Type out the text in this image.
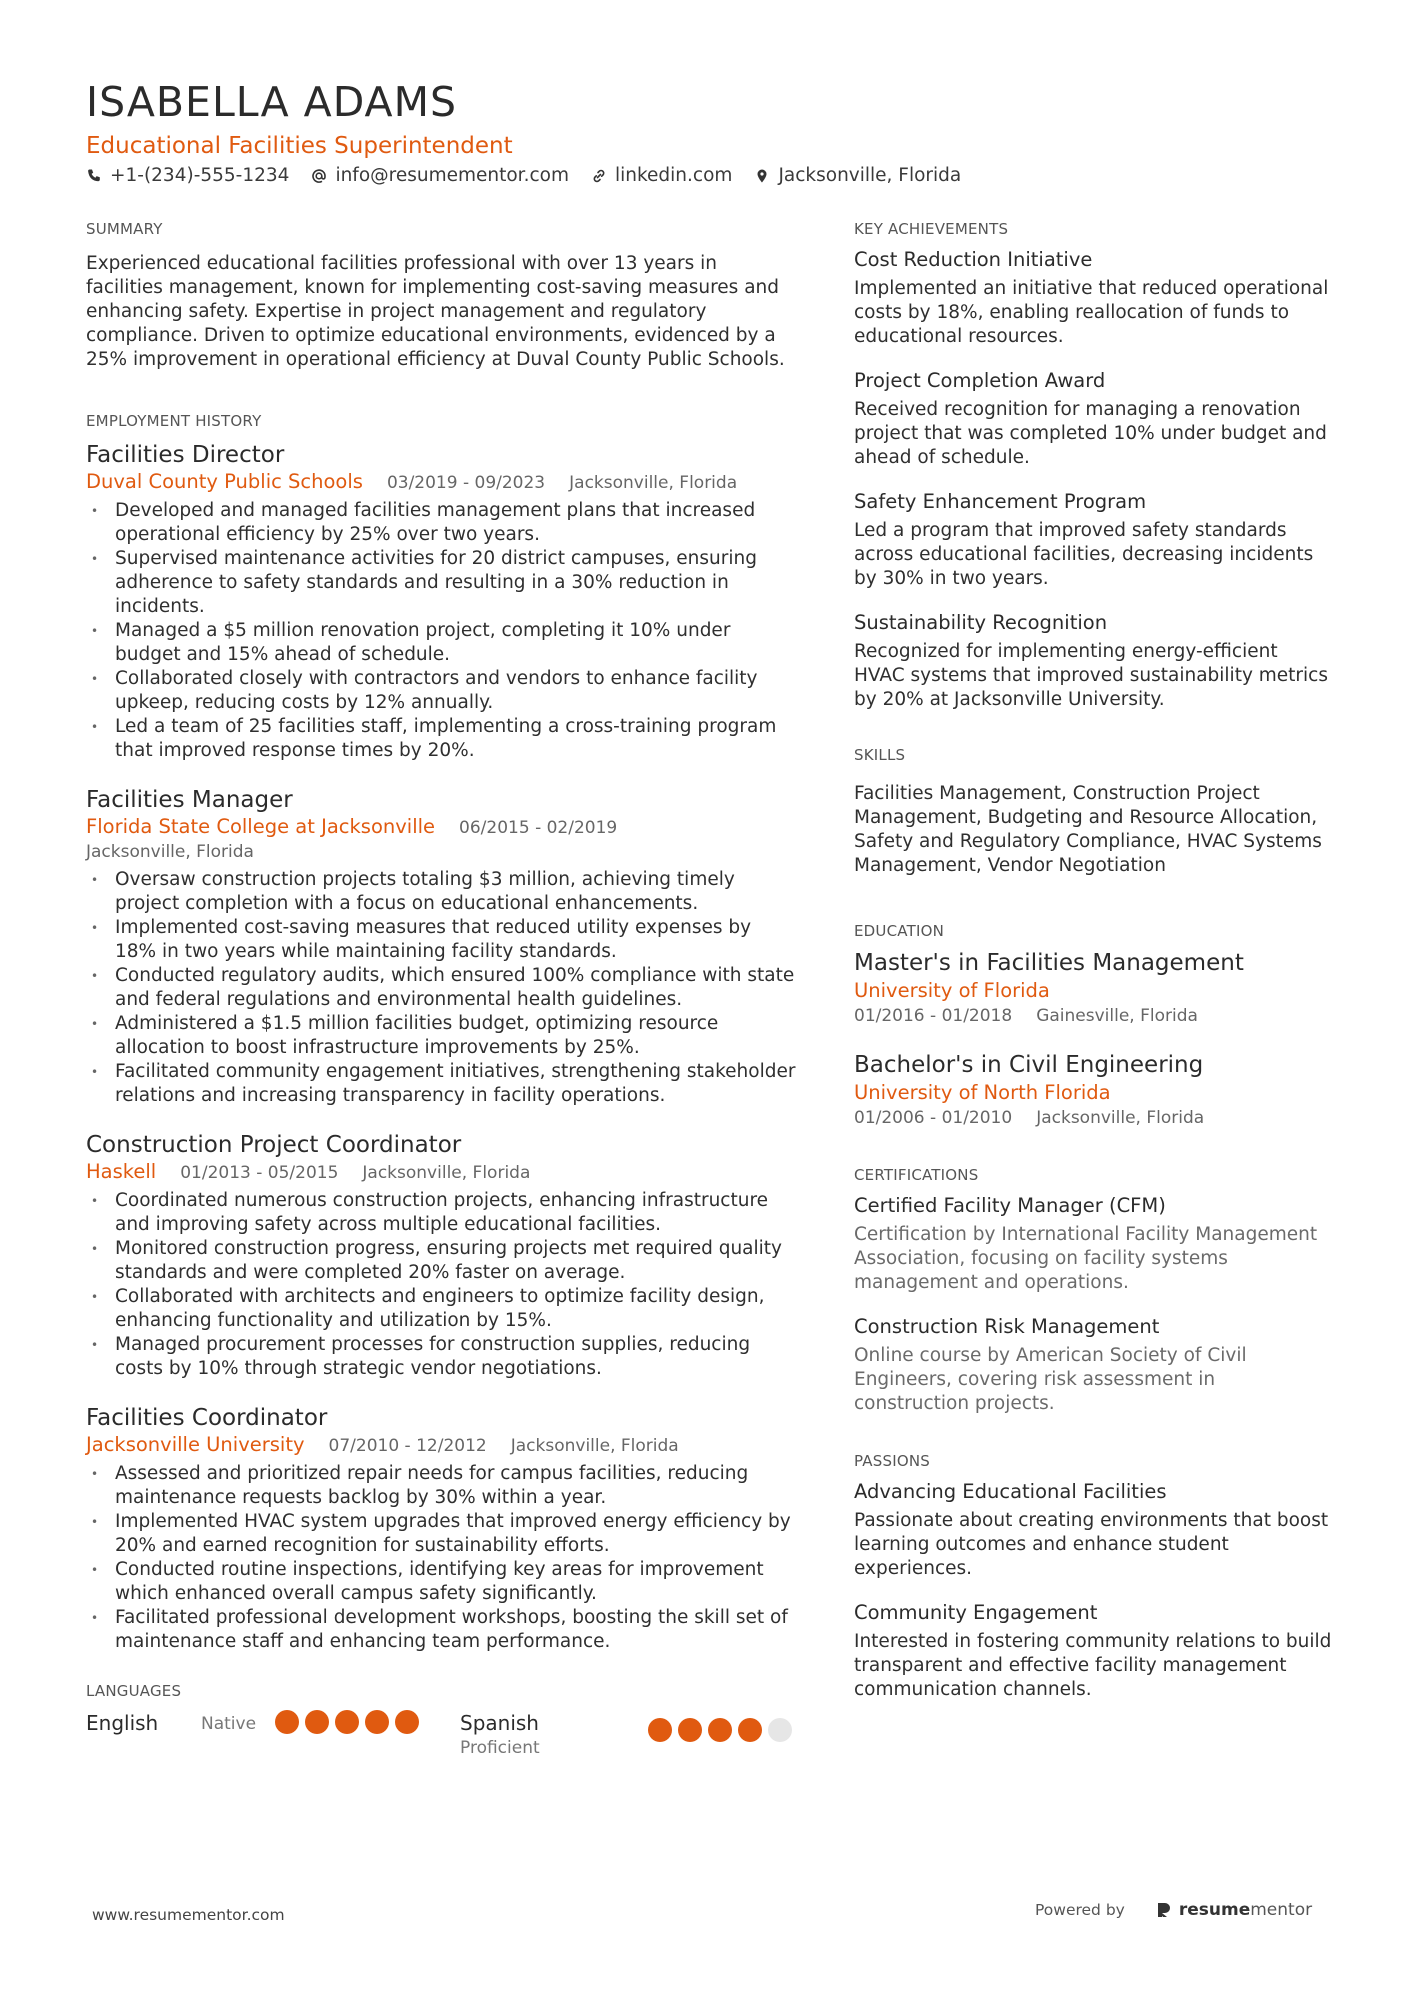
ISABELLA ADAMS
Educational Facilities Superintendent
+1-(234)-555-1234 info@resumementor.com linkedin.com Jacksonville, Florida
SUMMARY
Experienced educational facilities professional with over 13 years in facilities management, known for implementing cost-saving measures and enhancing safety. Expertise in project management and regulatory compliance. Driven to optimize educational environments, evidenced by a 25% improvement in operational efficiency at Duval County Public Schools.
EMPLOYMENT HISTORY
Facilities Director
Duval County Public Schools 03/2019 - 09/2023 Jacksonville, Florida
• Developed and managed facilities management plans that increased operational efficiency by 25% over two years.
• Supervised maintenance activities for 20 district campuses, ensuring adherence to safety standards and resulting in a 30% reduction in incidents.
• Managed a $5 million renovation project, completing it 10% under budget and 15% ahead of schedule.
• Collaborated closely with contractors and vendors to enhance facility upkeep, reducing costs by 12% annually.
• Led a team of 25 facilities staff, implementing a cross-training program that improved response times by 20%.
Facilities Manager
Florida State College at Jacksonville 06/2015 - 02/2019
Jacksonville, Florida
• Oversaw construction projects totaling $3 million, achieving timely project completion with a focus on educational enhancements.
• Implemented cost-saving measures that reduced utility expenses by 18% in two years while maintaining facility standards.
• Conducted regulatory audits, which ensured 100% compliance with state and federal regulations and environmental health guidelines.
• Administered a $1.5 million facilities budget, optimizing resource allocation to boost infrastructure improvements by 25%.
• Facilitated community engagement initiatives, strengthening stakeholder relations and increasing transparency in facility operations.
Construction Project Coordinator
Haskell 01/2013 - 05/2015 Jacksonville, Florida
• Coordinated numerous construction projects, enhancing infrastructure and improving safety across multiple educational facilities.
• Monitored construction progress, ensuring projects met required quality standards and were completed 20% faster on average.
• Collaborated with architects and engineers to optimize facility design, enhancing functionality and utilization by 15%.
• Managed procurement processes for construction supplies, reducing costs by 10% through strategic vendor negotiations.
Facilities Coordinator
Jacksonville University 07/2010 - 12/2012 Jacksonville, Florida
• Assessed and prioritized repair needs for campus facilities, reducing maintenance requests backlog by 30% within a year.
• Implemented HVAC system upgrades that improved energy efficiency by 20% and earned recognition for sustainability efforts.
• Conducted routine inspections, identifying key areas for improvement which enhanced overall campus safety significantly.
• Facilitated professional development workshops, boosting the skill set of maintenance staff and enhancing team performance.
LANGUAGES
English	Native	Spanish
Proficient
KEY ACHIEVEMENTS
Cost Reduction Initiative
Implemented an initiative that reduced operational costs by 18%, enabling reallocation of funds to educational resources.
Project Completion Award
Received recognition for managing a renovation project that was completed 10% under budget and ahead of schedule.
Safety Enhancement Program
Led a program that improved safety standards across educational facilities, decreasing incidents by 30% in two years.
Sustainability Recognition
Recognized for implementing energy-efficient HVAC systems that improved sustainability metrics by 20% at Jacksonville University.
SKILLS
Facilities Management, Construction Project Management, Budgeting and Resource Allocation, Safety and Regulatory Compliance, HVAC Systems Management, Vendor Negotiation
EDUCATION
Master's in Facilities Management
University of Florida
01/2016 - 01/2018 Gainesville, Florida
Bachelor's in Civil Engineering
University of North Florida
01/2006 - 01/2010 Jacksonville, Florida
CERTIFICATIONS
Certified Facility Manager (CFM)
Certification by International Facility Management Association, focusing on facility systems management and operations.
Construction Risk Management
Online course by American Society of Civil Engineers, covering risk assessment in construction projects.
PASSIONS
Advancing Educational Facilities
Passionate about creating environments that boost learning outcomes and enhance student experiences.
Community Engagement
Interested in fostering community relations to build transparent and effective facility management communication channels.
www.resumementor.com	Powered by	resume mentor
